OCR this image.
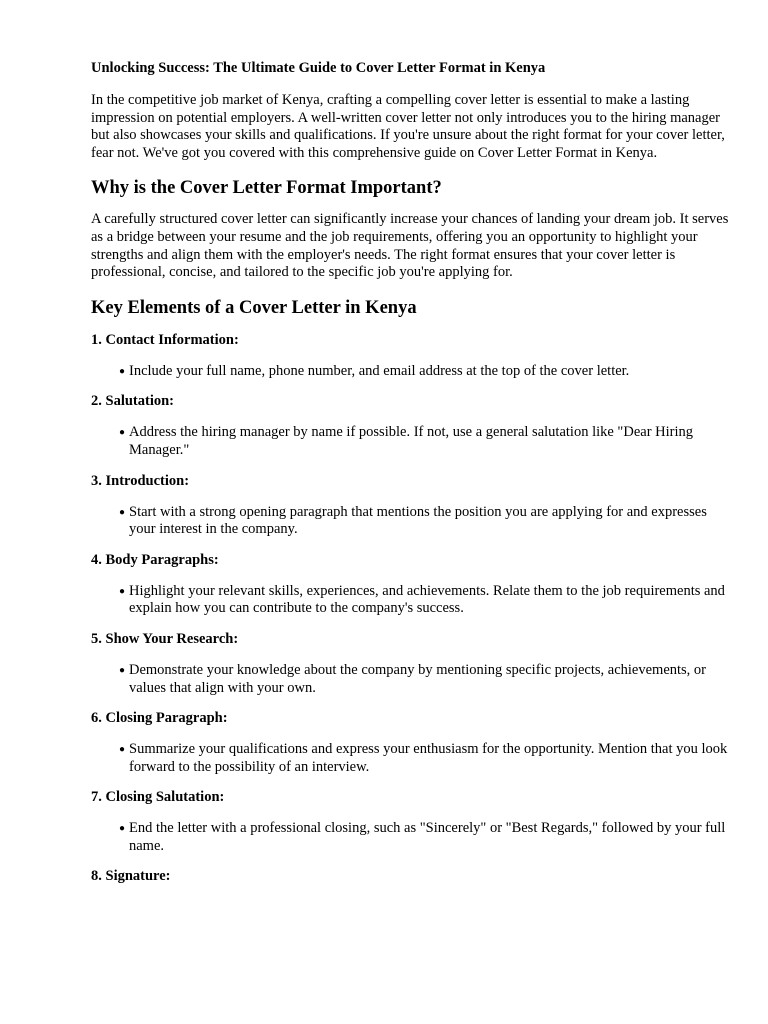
Unlocking Success: The Ultimate Guide to Cover Letter Format in Kenya

In the competitive job market of Kenya, crafting a compelling cover letter is essential to make a lasting impression on potential employers. A well-written cover letter not only introduces you to the hiring manager but also showcases your skills and qualifications. If you're unsure about the right format for your cover letter, fear not. We've got you covered with this comprehensive guide on Cover Letter Format in Kenya.

Why is the Cover Letter Format Important?

A carefully structured cover letter can significantly increase your chances of landing your dream job. It serves as a bridge between your resume and the job requirements, offering you an opportunity to highlight your strengths and align them with the employer's needs. The right format ensures that your cover letter is professional, concise, and tailored to the specific job you're applying for.

Key Elements of a Cover Letter in Kenya
1. Contact Information:
● Include your full name, phone number, and email address at the top of the cover letter.
2. Salutation:
● Address the hiring manager by name if possible. If not, use a general salutation like "Dear Hiring Manager."
3. Introduction:
● Start with a strong opening paragraph that mentions the position you are applying for and expresses your interest in the company.
4. Body Paragraphs:
● Highlight your relevant skills, experiences, and achievements. Relate them to the job requirements and explain how you can contribute to the company's success.
5. Show Your Research:
● Demonstrate your knowledge about the company by mentioning specific projects, achievements, or values that align with your own.
6. Closing Paragraph:
● Summarize your qualifications and express your enthusiasm for the opportunity. Mention that you look forward to the possibility of an interview.
7. Closing Salutation:
● End the letter with a professional closing, such as "Sincerely" or "Best Regards," followed by your full name.
8. Signature:
